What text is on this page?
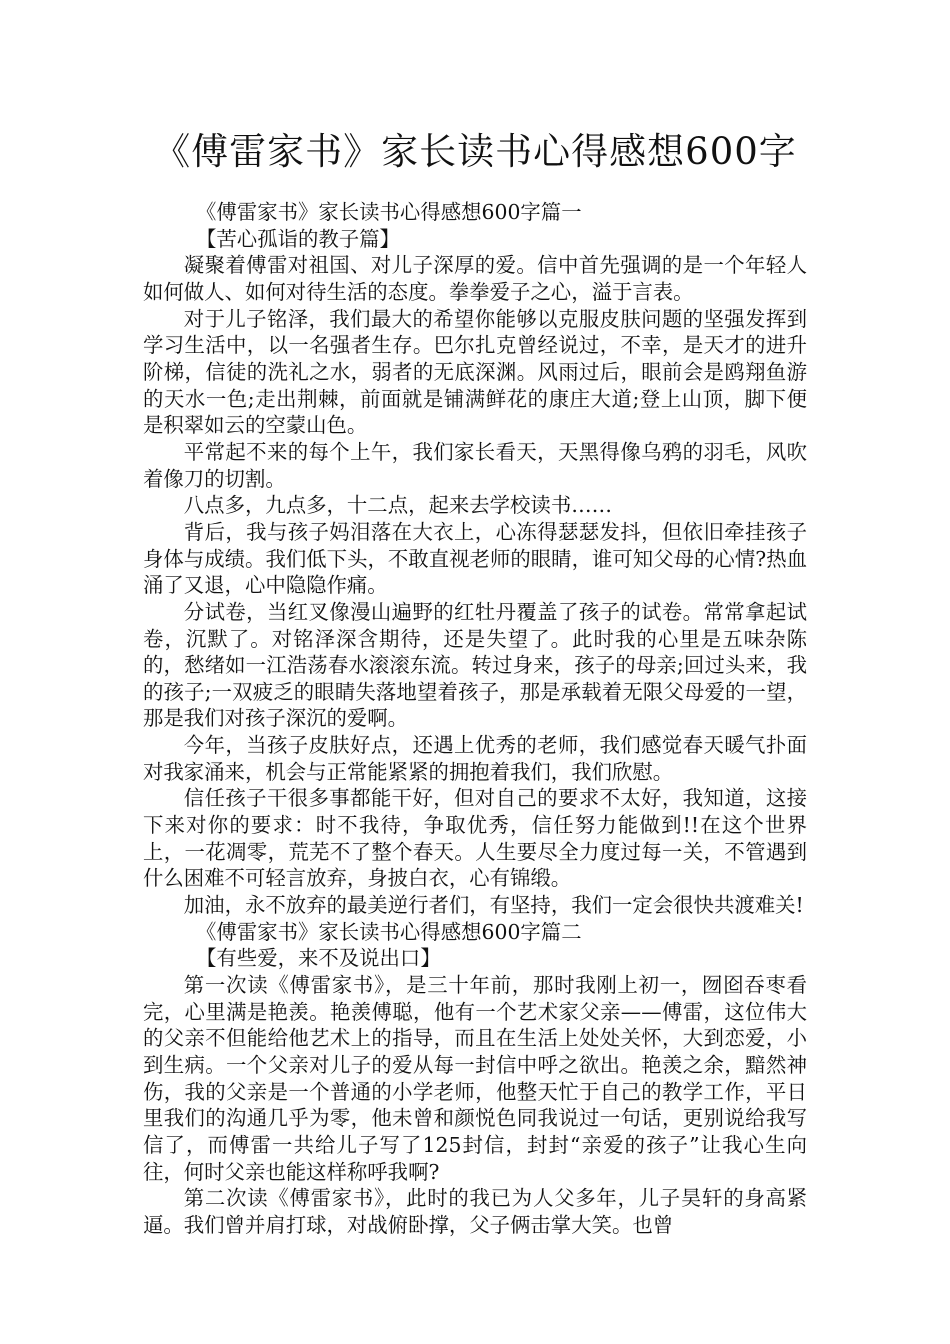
《傅雷家书》家长读书心得感想600字

《傅雷家书》家长读书心得感想600字篇一

【苦心孤诣的教子篇】

凝聚着傅雷对祖国、对儿子深厚的爱。信中首先强调的是一个年轻人如何做人、如何对待生活的态度。拳拳爱子之心，溢于言表。

对于儿子铭泽，我们最大的希望你能够以克服皮肤问题的坚强发挥到学习生活中，以一名强者生存。巴尔扎克曾经说过，不幸，是天才的进升阶梯，信徒的洗礼之水，弱者的无底深渊。风雨过后，眼前会是鸥翔鱼游的天水一色;走出荆棘，前面就是铺满鲜花的康庄大道;登上山顶，脚下便是积翠如云的空蒙山色。

平常起不来的每个上午，我们家长看天，天黑得像乌鸦的羽毛，风吹着像刀的切割。

八点多，九点多，十二点，起来去学校读书……

背后，我与孩子妈泪落在大衣上，心冻得瑟瑟发抖，但依旧牵挂孩子身体与成绩。我们低下头，不敢直视老师的眼睛，谁可知父母的心情?热血涌了又退，心中隐隐作痛。

分试卷，当红叉像漫山遍野的红牡丹覆盖了孩子的试卷。常常拿起试卷，沉默了。对铭泽深含期待，还是失望了。此时我的心里是五味杂陈的，愁绪如一江浩荡春水滚滚东流。转过身来，孩子的母亲;回过头来，我的孩子;一双疲乏的眼睛失落地望着孩子，那是承载着无限父母爱的一望，那是我们对孩子深沉的爱啊。

今年，当孩子皮肤好点，还遇上优秀的老师，我们感觉春天暖气扑面对我家涌来，机会与正常能紧紧的拥抱着我们，我们欣慰。

信任孩子干很多事都能干好，但对自己的要求不太好，我知道，这接下来对你的要求：时不我待，争取优秀，信任努力能做到!!在这个世界上，一花凋零，荒芜不了整个春天。人生要尽全力度过每一关，不管遇到什么困难不可轻言放弃，身披白衣，心有锦缎。

加油，永不放弃的最美逆行者们，有坚持，我们一定会很快共渡难关!

《傅雷家书》家长读书心得感想600字篇二

【有些爱，来不及说出口】

第一次读《傅雷家书》，是三十年前，那时我刚上初一，囫囵吞枣看完，心里满是艳羡。艳羡傅聪，他有一个艺术家父亲——傅雷，这位伟大的父亲不但能给他艺术上的指导，而且在生活上处处关怀，大到恋爱，小到生病。一个父亲对儿子的爱从每一封信中呼之欲出。艳羡之余，黯然神伤，我的父亲是一个普通的小学老师，他整天忙于自己的教学工作，平日里我们的沟通几乎为零，他未曾和颜悦色同我说过一句话，更别说给我写信了，而傅雷一共给儿子写了125封信，封封“亲爱的孩子”让我心生向往，何时父亲也能这样称呼我啊?

第二次读《傅雷家书》，此时的我已为人父多年，儿子昊轩的身高紧逼。我们曾并肩打球，对战俯卧撑，父子俩击掌大笑。也曾
